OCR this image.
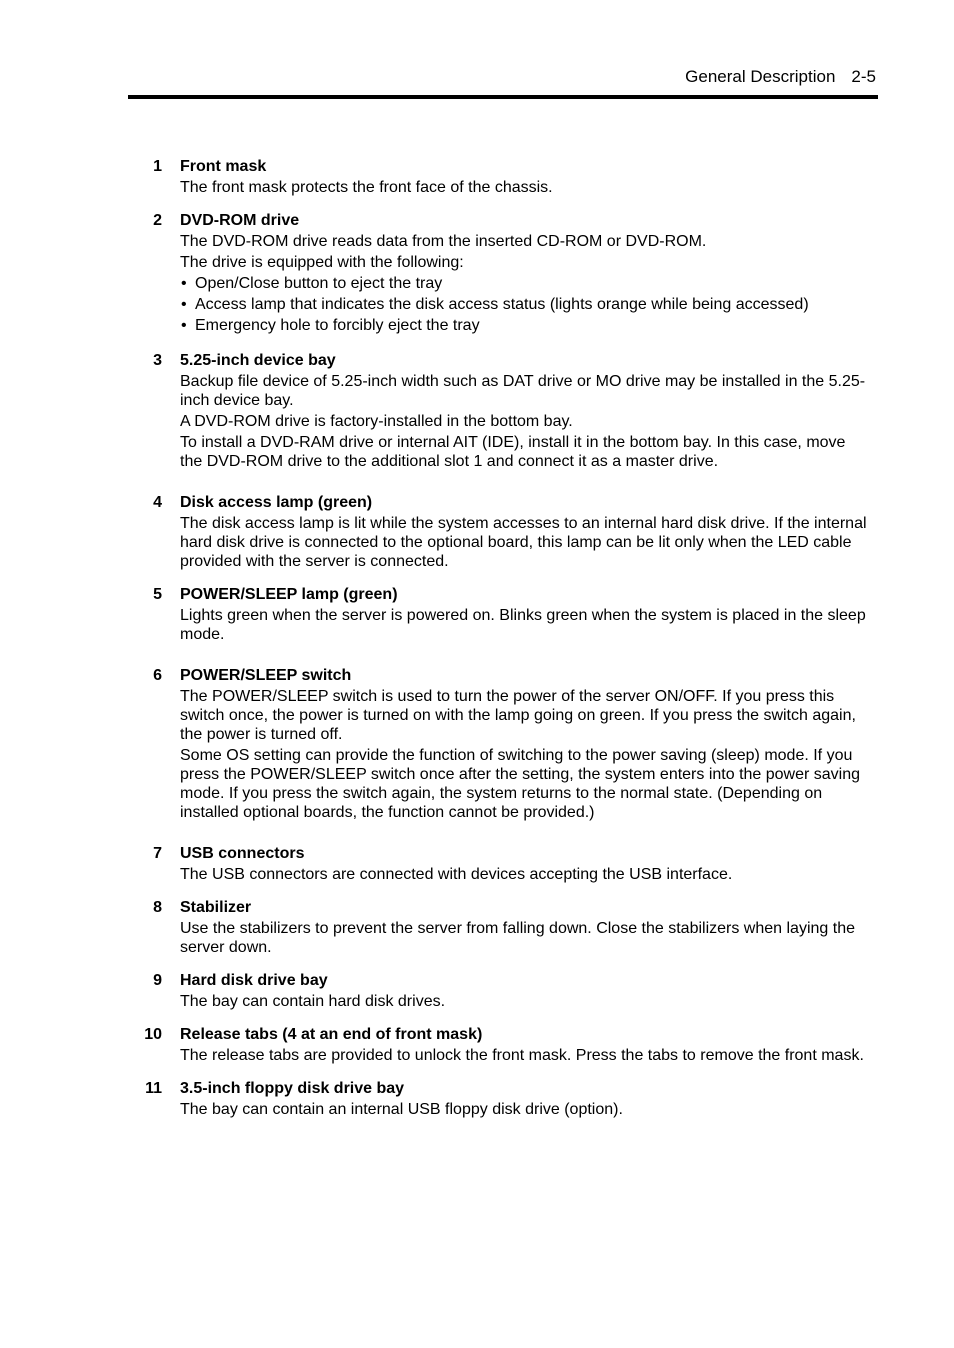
General Description 2-5
1 Front mask

The front mask protects the front face of the chassis.

2 DVD-ROM drive

The DVD-ROM drive reads data from the inserted CD-ROM or DVD-ROM.

The drive is equipped with the following:

• Open/Close button to eject the tray
• Access lamp that indicates the disk access status (lights orange while being accessed)
• Emergency hole to forcibly eject the tray
3 5.25-inch device bay

Backup file device of 5.25-inch width such as DAT drive or MO drive may be installed in the 5.25-inch device bay.

A DVD-ROM drive is factory-installed in the bottom bay.

To install a DVD-RAM drive or internal AIT (IDE), install it in the bottom bay. In this case, move the DVD-ROM drive to the additional slot 1 and connect it as a master drive.

4 Disk access lamp (green)

The disk access lamp is lit while the system accesses to an internal hard disk drive. If the internal hard disk drive is connected to the optional board, this lamp can be lit only when the LED cable provided with the server is connected.

5 POWER/SLEEP lamp (green)

Lights green when the server is powered on. Blinks green when the system is placed in the sleep mode.

6 POWER/SLEEP switch

The POWER/SLEEP switch is used to turn the power of the server ON/OFF. If you press this switch once, the power is turned on with the lamp going on green. If you press the switch again, the power is turned off.

Some OS setting can provide the function of switching to the power saving (sleep) mode. If you press the POWER/SLEEP switch once after the setting, the system enters into the power saving mode. If you press the switch again, the system returns to the normal state. (Depending on installed optional boards, the function cannot be provided.)

7 USB connectors

The USB connectors are connected with devices accepting the USB interface.

8 Stabilizer

Use the stabilizers to prevent the server from falling down. Close the stabilizers when laying the server down.

9 Hard disk drive bay

The bay can contain hard disk drives.

10 Release tabs (4 at an end of front mask)

The release tabs are provided to unlock the front mask. Press the tabs to remove the front mask.

11 3.5-inch floppy disk drive bay

The bay can contain an internal USB floppy disk drive (option).
